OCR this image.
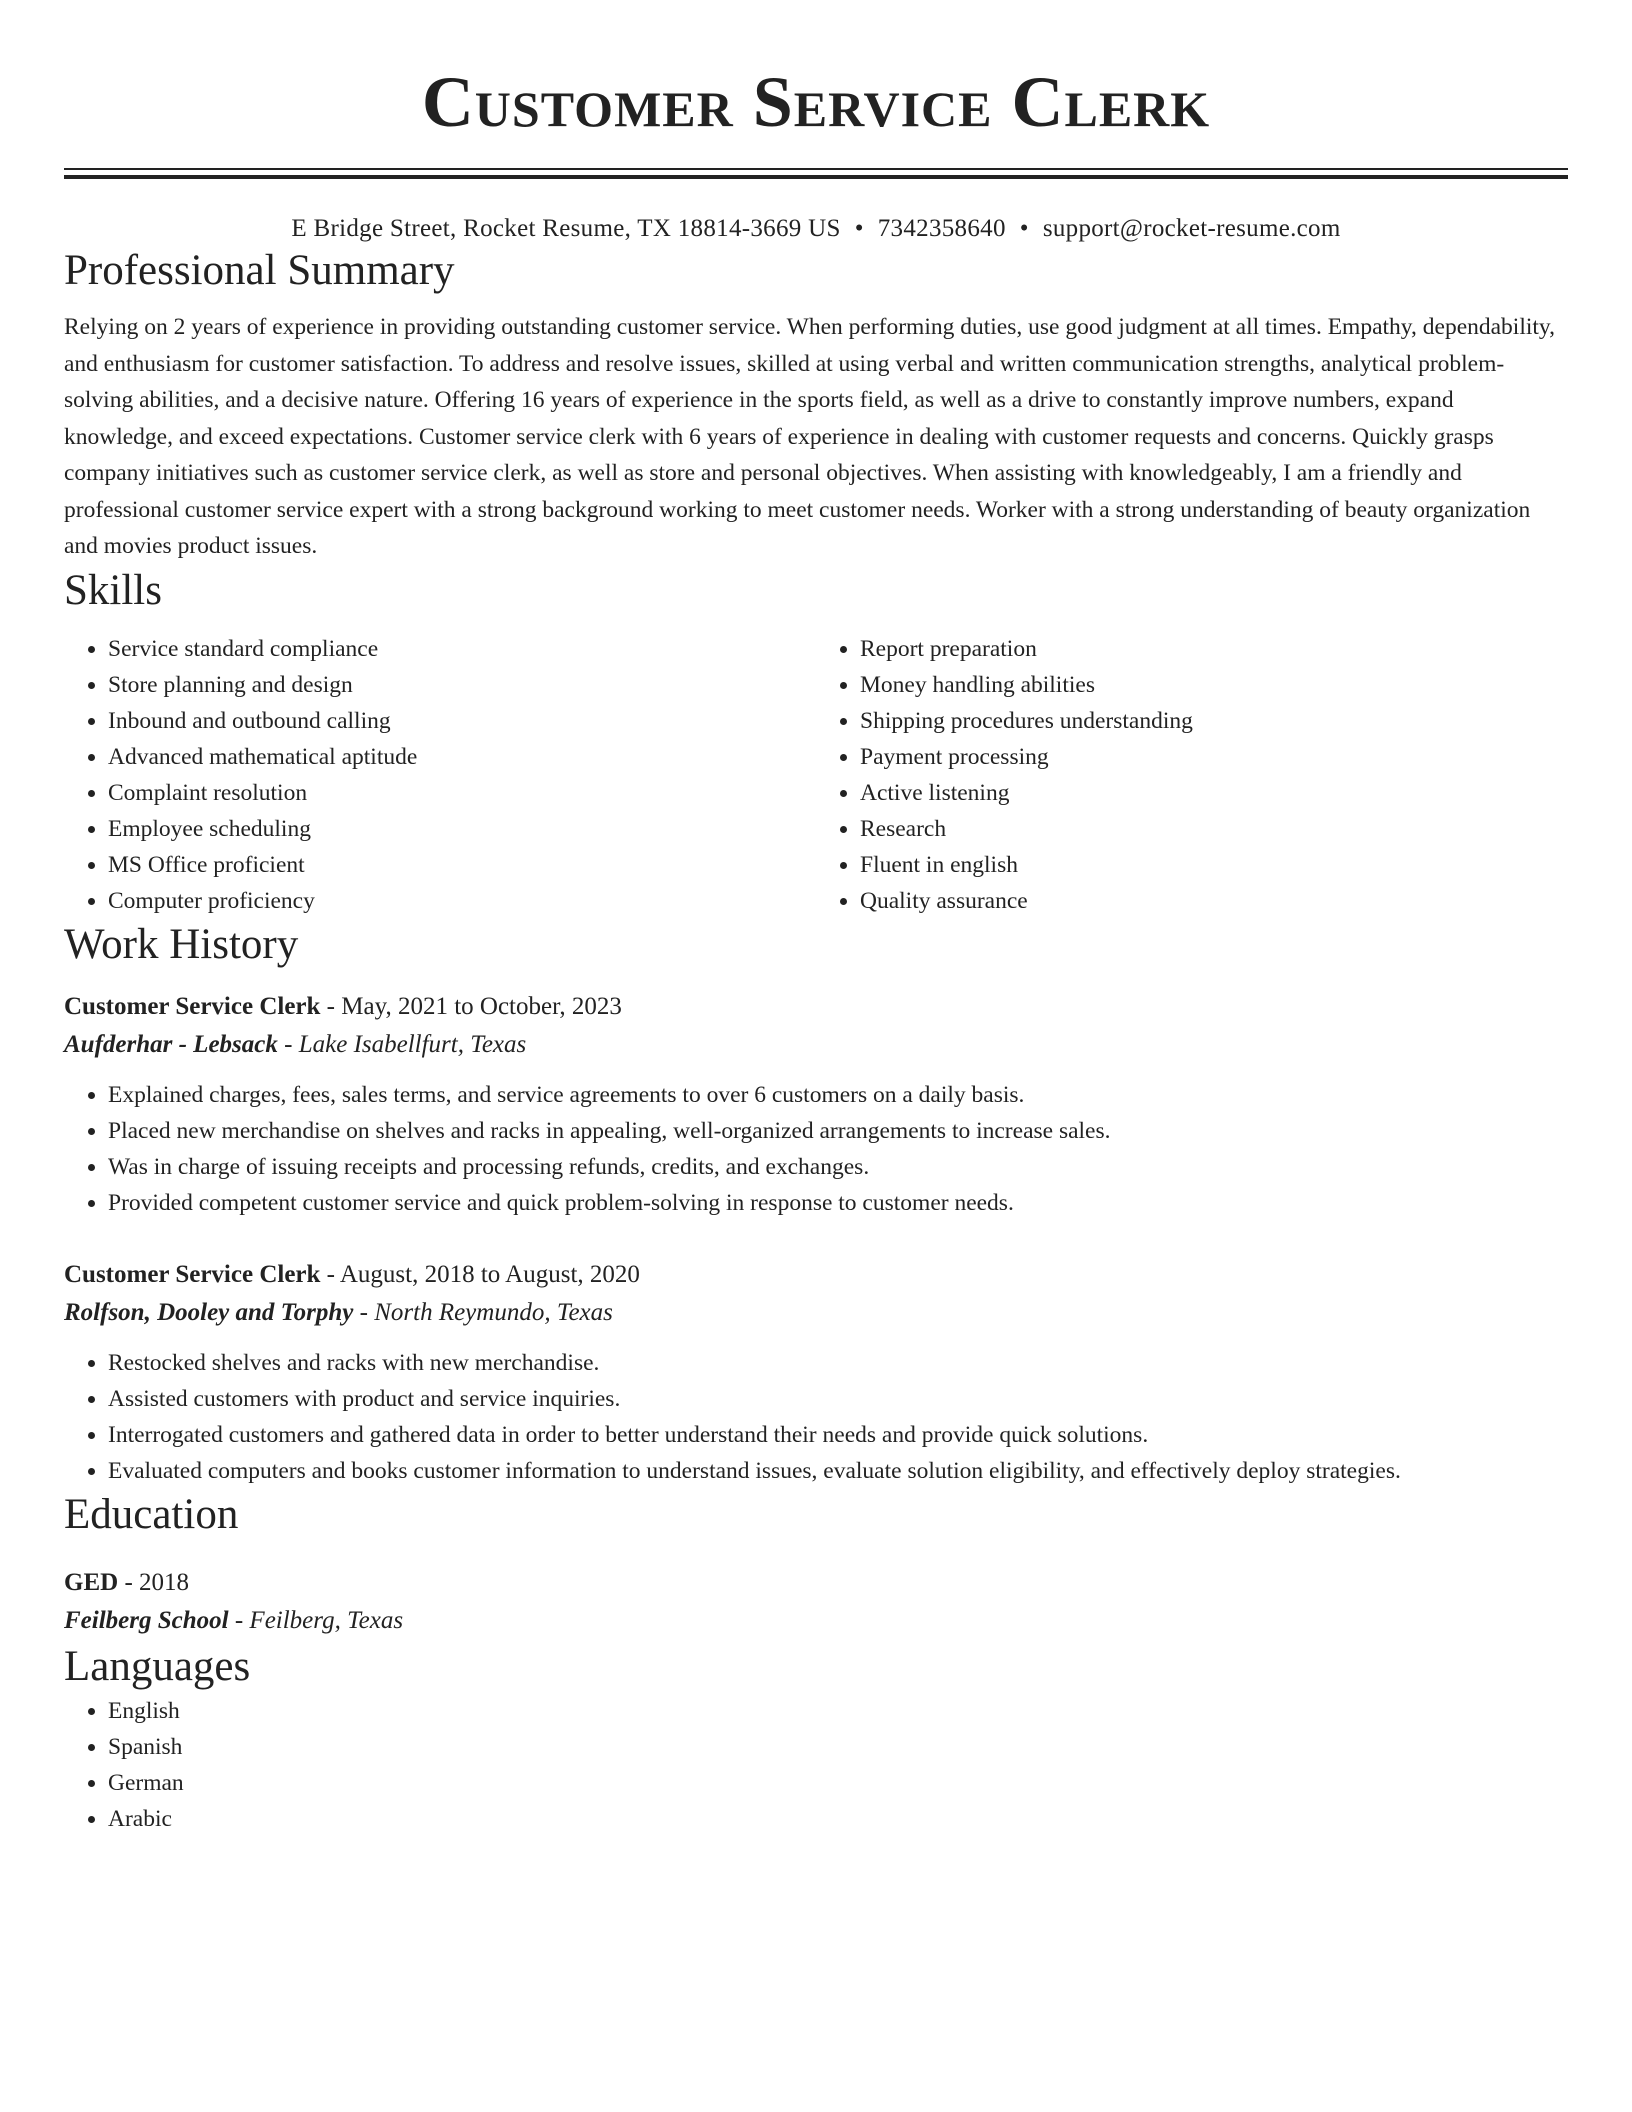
Customer Service Clerk
E Bridge Street, Rocket Resume, TX 18814-3669 US • 7342358640 • support@rocket-resume.com
Professional Summary

Relying on 2 years of experience in providing outstanding customer service. When performing duties, use good judgment at all times. Empathy, dependability, and enthusiasm for customer satisfaction. To address and resolve issues, skilled at using verbal and written communication strengths, analytical problem-solving abilities, and a decisive nature. Offering 16 years of experience in the sports field, as well as a drive to constantly improve numbers, expand knowledge, and exceed expectations. Customer service clerk with 6 years of experience in dealing with customer requests and concerns. Quickly grasps company initiatives such as customer service clerk, as well as store and personal objectives. When assisting with knowledgeably, I am a friendly and professional customer service expert with a strong background working to meet customer needs. Worker with a strong understanding of beauty organization and movies product issues.

Skills
• Service standard compliance
• Store planning and design
• Inbound and outbound calling
• Advanced mathematical aptitude
• Complaint resolution
• Employee scheduling
• MS Office proficient
• Computer proficiency
• Report preparation
• Money handling abilities
• Shipping procedures understanding
• Payment processing
• Active listening
• Research
• Fluent in english
• Quality assurance
Work History
Customer Service Clerk - May, 2021 to October, 2023
Aufderhar - Lebsack - Lake Isabellfurt, Texas
• Explained charges, fees, sales terms, and service agreements to over 6 customers on a daily basis.
• Placed new merchandise on shelves and racks in appealing, well-organized arrangements to increase sales.
• Was in charge of issuing receipts and processing refunds, credits, and exchanges.
• Provided competent customer service and quick problem-solving in response to customer needs.
Customer Service Clerk - August, 2018 to August, 2020
Rolfson, Dooley and Torphy - North Reymundo, Texas
• Restocked shelves and racks with new merchandise.
• Assisted customers with product and service inquiries.
• Interrogated customers and gathered data in order to better understand their needs and provide quick solutions.
• Evaluated computers and books customer information to understand issues, evaluate solution eligibility, and effectively deploy strategies.
Education
GED - 2018
Feilberg School - Feilberg, Texas
Languages
• English
• Spanish
• German
• Arabic
